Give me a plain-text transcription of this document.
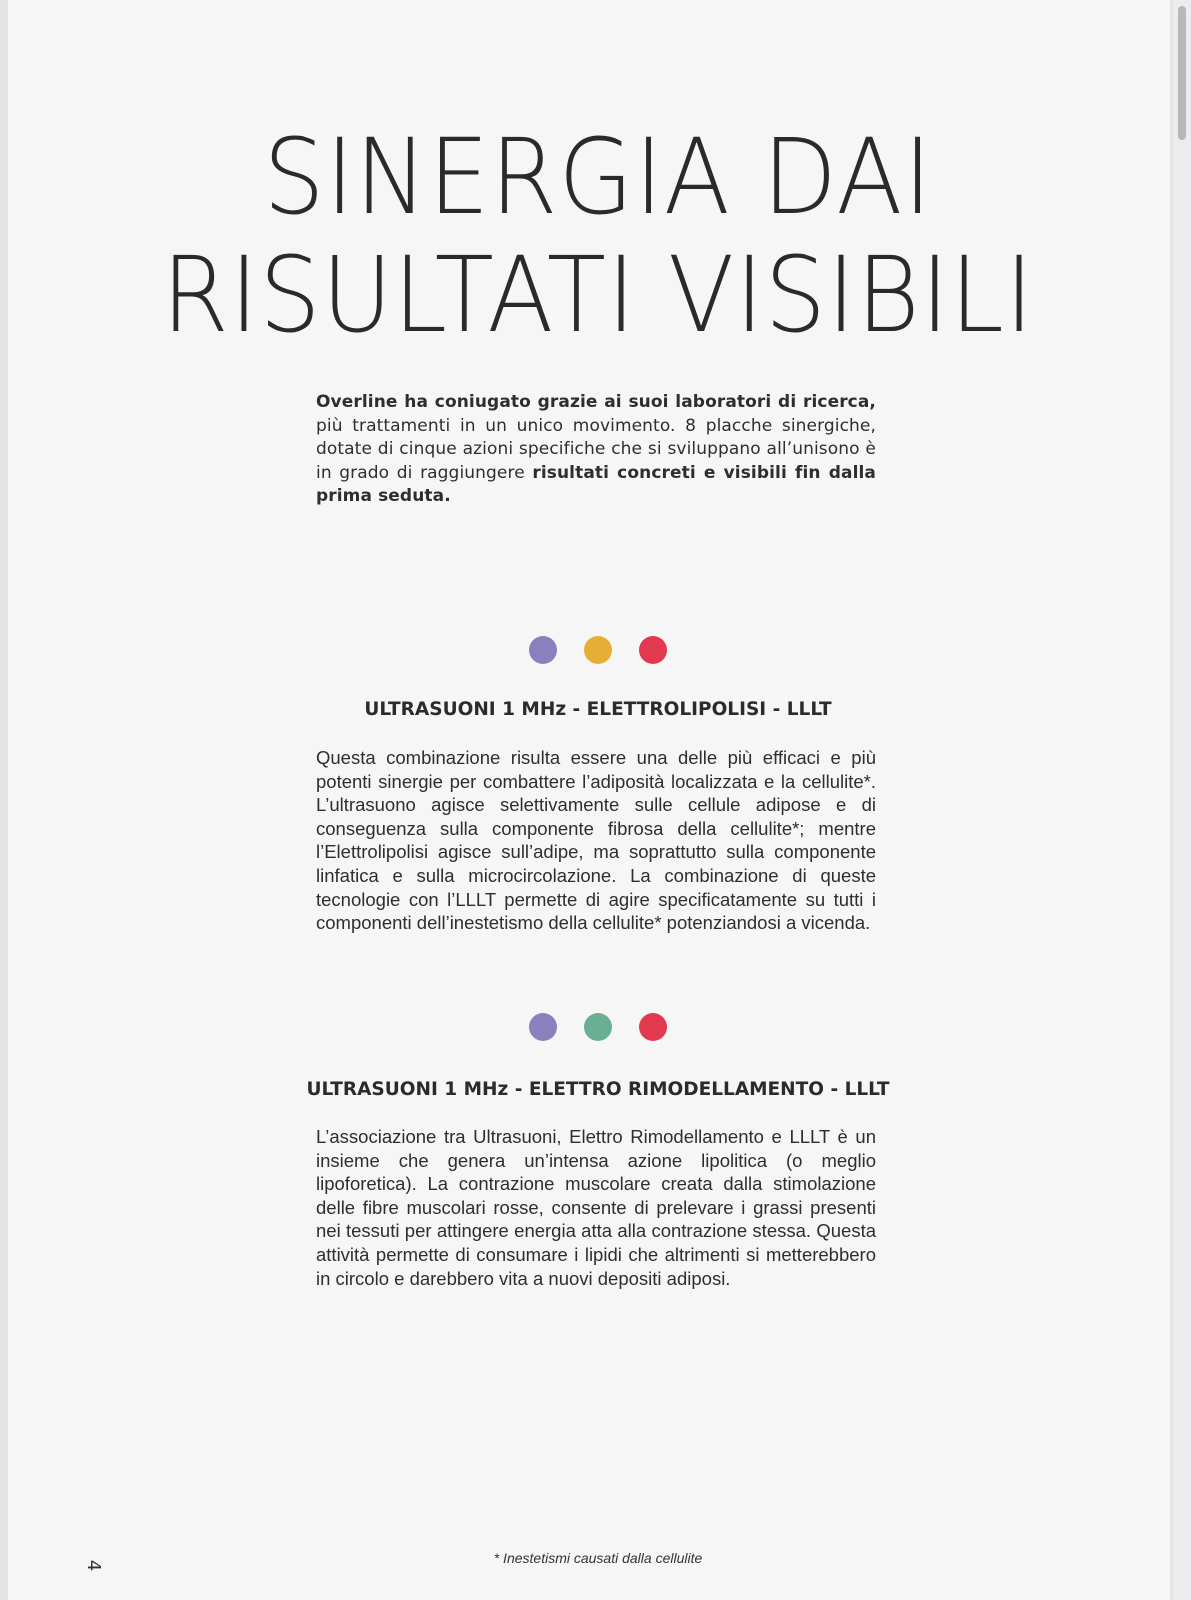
SINERGIA DAI
RISULTATI VISIBILI

Overline ha coniugato grazie ai suoi laboratori di ricerca, più trattamenti in un unico movimento. 8 placche sinergiche, dotate di cinque azioni specifiche che si sviluppano all’unisono è in grado di raggiungere risultati concreti e visibili fin dalla prima seduta.

ULTRASUONI 1 MHz - ELETTROLIPOLISI - LLLT

Questa combinazione risulta essere una delle più efficaci e più potenti sinergie per combattere l’adiposità localizzata e la cellulite*. L’ultrasuono agisce selettivamente sulle cellule adipose e di conseguenza sulla componente fibrosa della cellulite*; mentre l’Elettrolipolisi agisce sull’adipe, ma soprattutto sulla componente linfatica e sulla microcircolazione. La combinazione di queste tecnologie con l’LLLT permette di agire specificatamente su tutti i componenti dell’inestetismo della cellulite* potenziandosi a vicenda.

ULTRASUONI 1 MHz - ELETTRO RIMODELLAMENTO - LLLT

L’associazione tra Ultrasuoni, Elettro Rimodellamento e LLLT è un insieme che genera un’intensa azione lipolitica (o meglio lipoforetica). La contrazione muscolare creata dalla stimolazione delle fibre muscolari rosse, consente di prelevare i grassi presenti nei tessuti per attingere energia atta alla contrazione stessa. Questa attività permette di consumare i lipidi che altrimenti si metterebbero in circolo e darebbero vita a nuovi depositi adiposi.

4	* Inestetismi causati dalla cellulite
